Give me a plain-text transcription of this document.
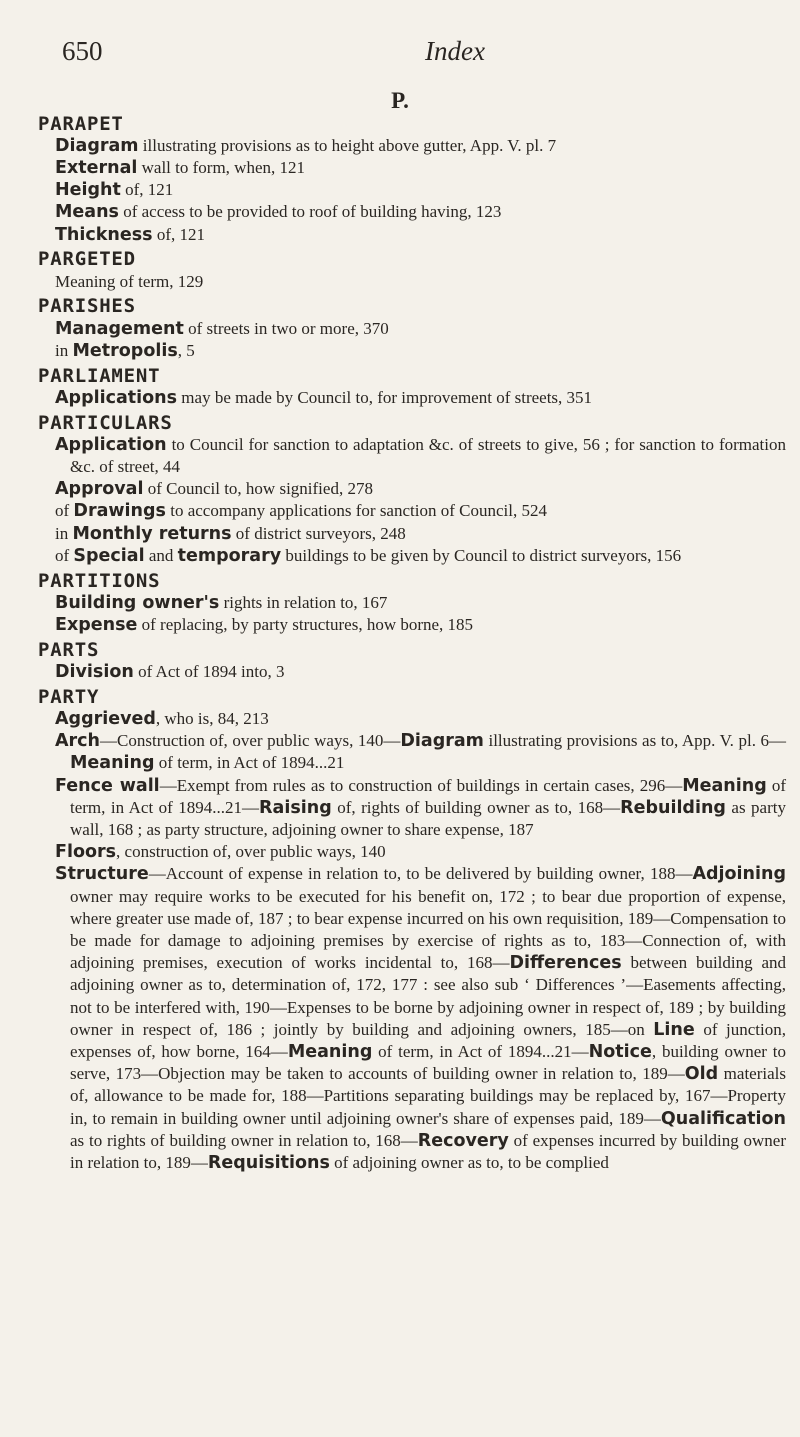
650	Index
P.
PARAPET
Diagram illustrating provisions as to height above gutter, App. V. pl. 7
External wall to form, when, 121
Height of, 121
Means of access to be provided to roof of building having, 123
Thickness of, 121
PARGETED
Meaning of term, 129
PARISHES
Management of streets in two or more, 370
in Metropolis, 5
PARLIAMENT
Applications may be made by Council to, for improvement of streets, 351
PARTICULARS
Application to Council for sanction to adaptation &c. of streets to give, 56 ; for sanction to formation &c. of street, 44
Approval of Council to, how signified, 278
of Drawings to accompany applications for sanction of Council, 524
in Monthly returns of district surveyors, 248
of Special and temporary buildings to be given by Council to district surveyors, 156
PARTITIONS
Building owner's rights in relation to, 167
Expense of replacing, by party structures, how borne, 185
PARTS
Division of Act of 1894 into, 3
PARTY
Aggrieved, who is, 84, 213
Arch—Construction of, over public ways, 140—Diagram illustrating provisions as to, App. V. pl. 6—Meaning of term, in Act of 1894...21
Fence wall—Exempt from rules as to construction of buildings in certain cases, 296—Meaning of term, in Act of 1894...21—Raising of, rights of building owner as to, 168—Rebuilding as party wall, 168 ; as party structure, adjoining owner to share expense, 187
Floors, construction of, over public ways, 140
Structure—Account of expense in relation to, to be delivered by building owner, 188—Adjoining owner may require works to be executed for his benefit on, 172 ; to bear due proportion of expense, where greater use made of, 187 ; to bear expense incurred on his own requisition, 189—Compensation to be made for damage to adjoining premises by exercise of rights as to, 183—Connection of, with adjoining premises, execution of works incidental to, 168—Differences between building and adjoining owner as to, determination of, 172, 177 : see also sub ‘ Differences ’—Easements affecting, not to be interfered with, 190—Expenses to be borne by adjoining owner in respect of, 189 ; by building owner in respect of, 186 ; jointly by building and adjoining owners, 185—on Line of junction, expenses of, how borne, 164—Meaning of term, in Act of 1894...21—Notice, building owner to serve, 173—Objection may be taken to accounts of building owner in relation to, 189—Old materials of, allowance to be made for, 188—Partitions separating buildings may be replaced by, 167—Property in, to remain in building owner until adjoining owner's share of expenses paid, 189—Qualification as to rights of building owner in relation to, 168—Recovery of expenses incurred by building owner in relation to, 189—Requisitions of adjoining owner as to, to be complied
